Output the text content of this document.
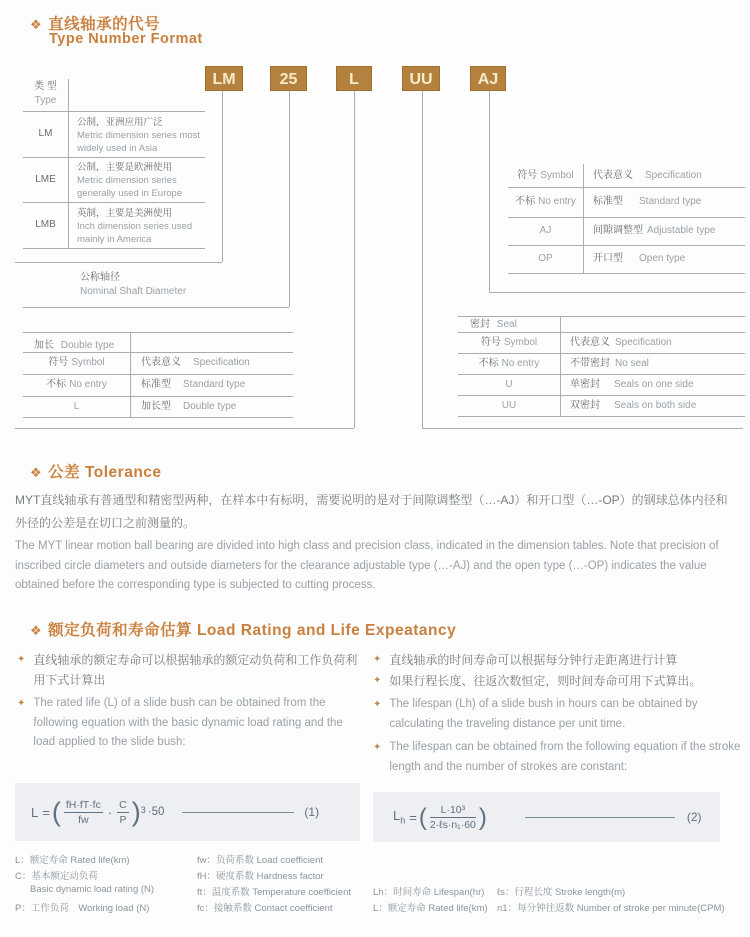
❖ 直线轴承的代号
Type Number Format
LM	25	L	UU	AJ
类 型
Type
LM
公制，亚洲应用广泛
Metric dimension series most widely used in Asia
LME
公制，主要是欧洲使用
Metric dimension series generally used in Europe
LMB
英制，主要是美洲使用
Inch dimension series used mainly in America
公称轴径
Nominal Shaft Diameter
加长 Double type
符号 Symbol	代表意义 Specification
不标 No entry	标准型 Standard type
L	加长型 Double type
符号 Symbol	代表意义 Specification
不标 No entry	标准型 Standard type
AJ	间隙调整型 Adjustable type
OP	开口型 Open type
密封 Seal
符号 Symbol	代表意义 Specification
不标 No entry	不带密封 No seal
U	单密封 Seals on one side
UU	双密封 Seals on both side
❖ 公差 Tolerance
MYT直线轴承有普通型和精密型两种，在样本中有标明，需要说明的是对于间隙调整型（…-AJ）和开口型（…-OP）的钢球总体内径和外径的公差是在切口之前测量的。
The MYT linear motion ball bearing are divided into high class and precision class, indicated in the dimension tables. Note that precision of inscribed circle diameters and outside diameters for the clearance adjustable type (…-AJ) and the open type (…-OP) indicates the value obtained before the corresponding type is subjected to cutting process.
❖ 额定负荷和寿命估算 Load Rating and Life Expeatancy
✦ 直线轴承的额定寿命可以根据轴承的额定动负荷和工作负荷利用下式计算出
✦ The rated life (L) of a slide bush can be obtained from the following equation with the basic dynamic load rating and the load applied to the slide bush:
✦ 直线轴承的时间寿命可以根据每分钟行走距离进行计算
✦ 如果行程长度、往返次数恒定，则时间寿命可用下式算出。
✦ The lifespan (Lh) of a slide bush in hours can be obtained by calculating the traveling distance per unit time.
✦ The lifespan can be obtained from the following equation if the stroke length and the number of strokes are constant:
L = ( $\frac{fH\cdot fT\cdot fc}{fw} \cdot \frac{C}{P}$ ) 3 ·50	(1)	$L_h$ = ( $\frac{\text{L·10³}}{\text{2·ℓs·n₁·60}}$ )	(2)
L：额定寿命 Rated life(km)
C：基本额定动负荷
Basic dynamic load rating (N)
P：工作负荷　Working load (N)
fw：负荷系数 Load coefficient
fH：硬度系数 Hardness factor
ft：温度系数 Temperature coefficient
fc：接触系数 Contact coefficient
Lh：时间寿命 Lifespan(hr) ℓs：行程长度 Stroke length(m)
L：额定寿命 Rated life(km) n1：每分钟往返数 Number of stroke per minute(CPM)
